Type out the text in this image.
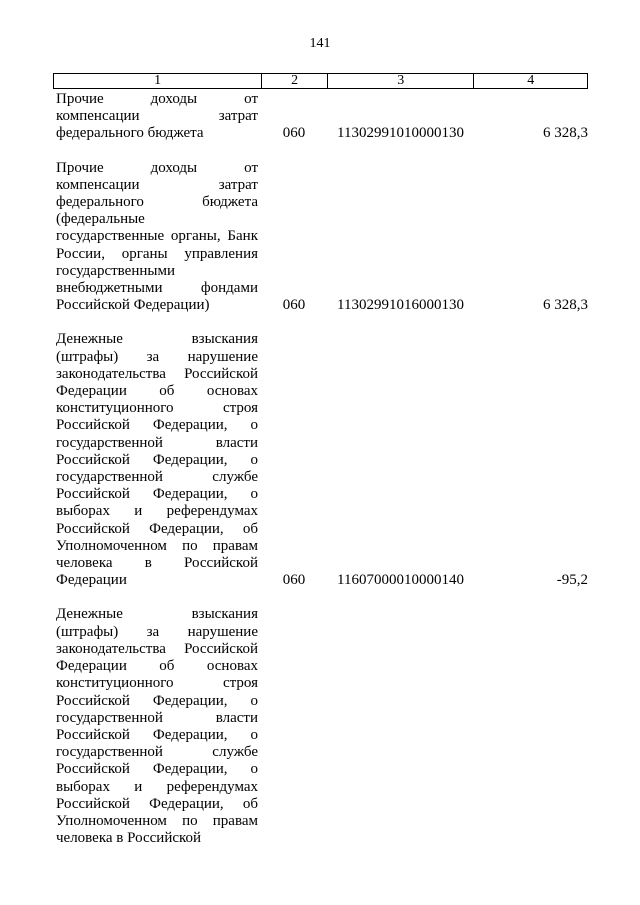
141
1	2	3	4
Прочие доходы от
компенсации затрат
федерального бюджета	060	11302991010000130	6 328,3
Прочие доходы от
компенсации затрат
федерального бюджета
(федеральные
государственные органы, Банк
России, органы управления
государственными
внебюджетными фондами
Российской Федерации)	060	11302991016000130	6 328,3
Денежные взыскания
(штрафы) за нарушение
законодательства Российской
Федерации об основах
конституционного строя
Российской Федерации, о
государственной власти
Российской Федерации, о
государственной службе
Российской Федерации, о
выборах и референдумах
Российской Федерации, об
Уполномоченном по правам
человека в Российской
Федерации	060	11607000010000140	-95,2
Денежные взыскания
(штрафы) за нарушение
законодательства Российской
Федерации об основах
конституционного строя
Российской Федерации, о
государственной власти
Российской Федерации, о
государственной службе
Российской Федерации, о
выборах и референдумах
Российской Федерации, об
Уполномоченном по правам
человека в Российской
